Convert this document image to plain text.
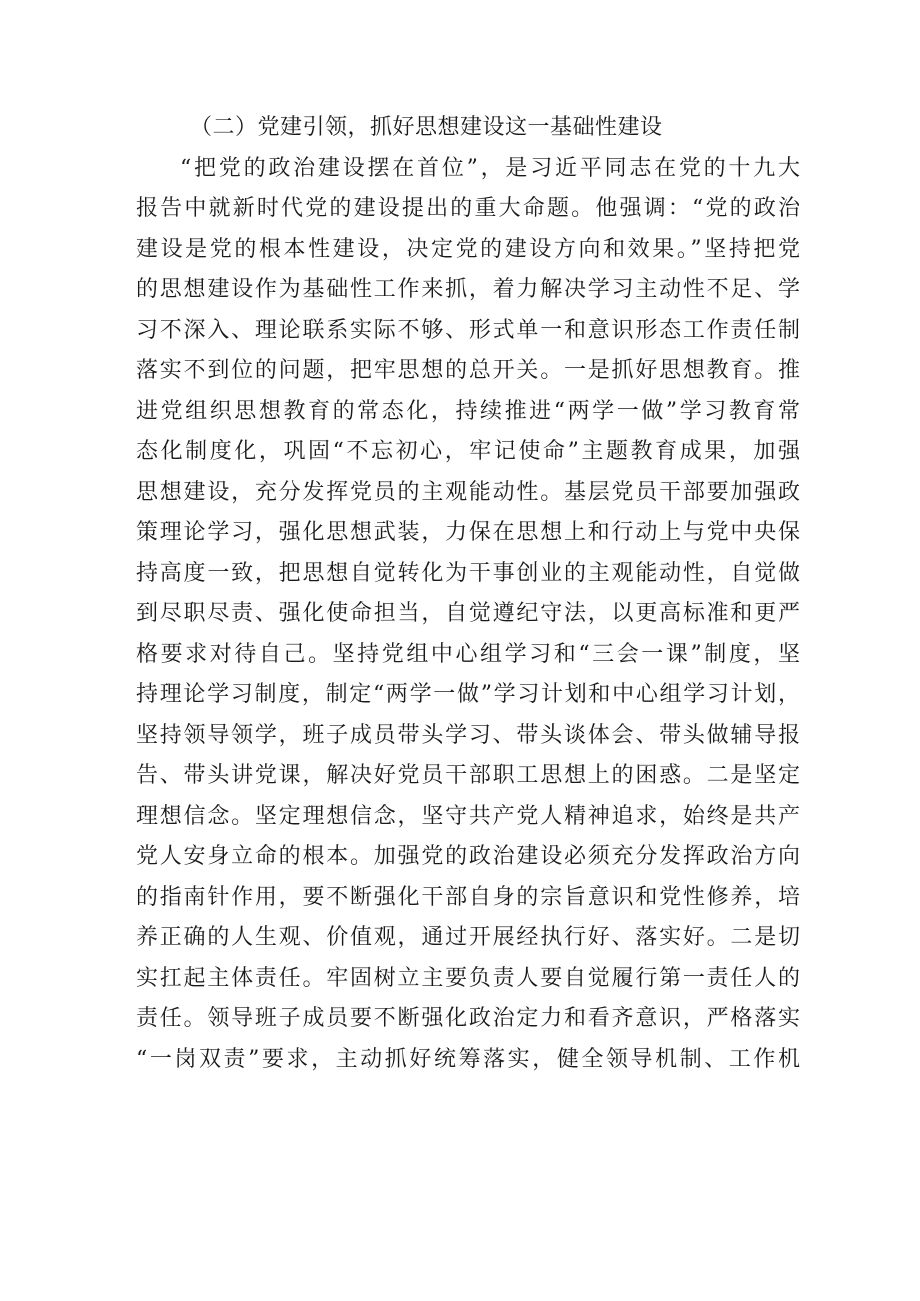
（二）党建引领，抓好思想建设这一基础性建设
“把党的政治建设摆在首位”，是习近平同志在党的十九大
报告中就新时代党的建设提出的重大命题。他强调：“党的政治
建设是党的根本性建设，决定党的建设方向和效果。”坚持把党
的思想建设作为基础性工作来抓，着力解决学习主动性不足、学
习不深入、理论联系实际不够、形式单一和意识形态工作责任制
落实不到位的问题，把牢思想的总开关。一是抓好思想教育。推
进党组织思想教育的常态化，持续推进“两学一做”学习教育常
态化制度化，巩固“不忘初心，牢记使命”主题教育成果，加强
思想建设，充分发挥党员的主观能动性。基层党员干部要加强政
策理论学习，强化思想武装，力保在思想上和行动上与党中央保
持高度一致，把思想自觉转化为干事创业的主观能动性，自觉做
到尽职尽责、强化使命担当，自觉遵纪守法，以更高标准和更严
格要求对待自己。坚持党组中心组学习和“三会一课”制度，坚
持理论学习制度，制定“两学一做”学习计划和中心组学习计划，
坚持领导领学，班子成员带头学习、带头谈体会、带头做辅导报
告、带头讲党课，解决好党员干部职工思想上的困惑。二是坚定
理想信念。坚定理想信念，坚守共产党人精神追求，始终是共产
党人安身立命的根本。加强党的政治建设必须充分发挥政治方向
的指南针作用，要不断强化干部自身的宗旨意识和党性修养，培
养正确的人生观、价值观，通过开展经执行好、落实好。二是切
实扛起主体责任。牢固树立主要负责人要自觉履行第一责任人的
责任。领导班子成员要不断强化政治定力和看齐意识，严格落实
“一岗双责”要求，主动抓好统筹落实，健全领导机制、工作机
